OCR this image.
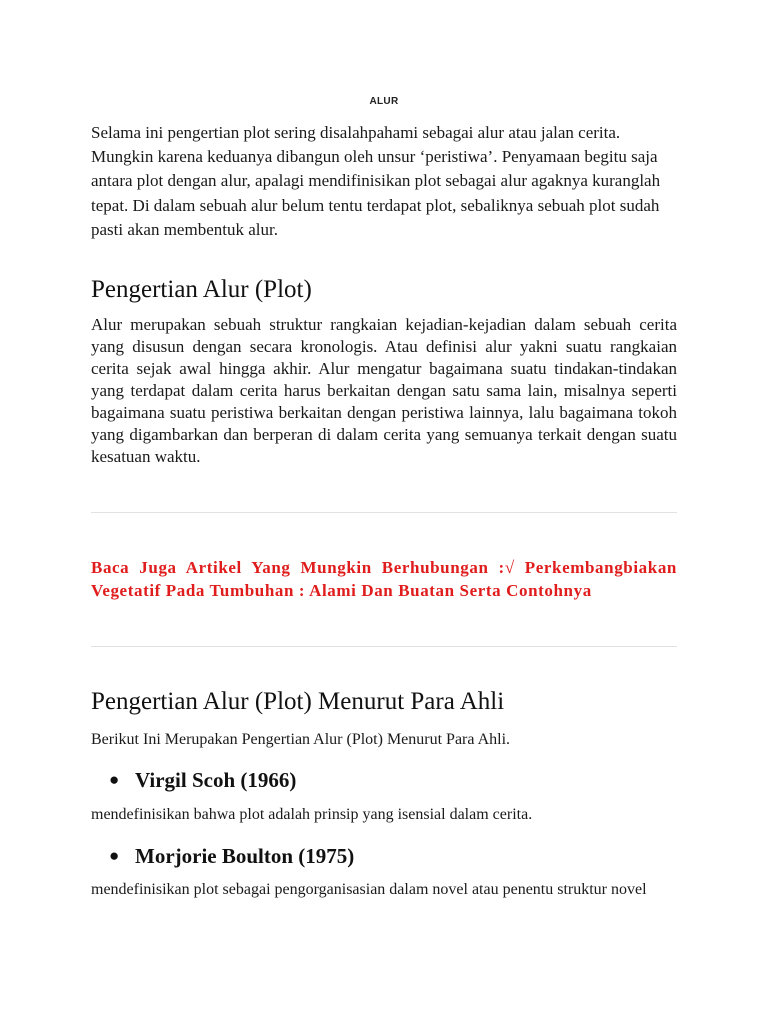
ALUR

Selama ini pengertian plot sering disalahpahami sebagai alur atau jalan cerita. Mungkin karena keduanya dibangun oleh unsur ‘peristiwa’. Penyamaan begitu saja antara plot dengan alur, apalagi mendifinisikan plot sebagai alur agaknya kuranglah tepat. Di dalam sebuah alur belum tentu terdapat plot, sebaliknya sebuah plot sudah pasti akan membentuk alur.

Pengertian Alur (Plot)

Alur merupakan sebuah struktur rangkaian kejadian-kejadian dalam sebuah cerita yang disusun dengan secara kronologis. Atau definisi alur yakni suatu rangkaian cerita sejak awal hingga akhir. Alur mengatur bagaimana suatu tindakan-tindakan yang terdapat dalam cerita harus berkaitan dengan satu sama lain, misalnya seperti bagaimana suatu peristiwa berkaitan dengan peristiwa lainnya, lalu bagaimana tokoh yang digambarkan dan berperan di dalam cerita yang semuanya terkait dengan suatu kesatuan waktu.

Baca Juga Artikel Yang Mungkin Berhubungan :√ Perkembangbiakan Vegetatif Pada Tumbuhan : Alami Dan Buatan Serta Contohnya

Pengertian Alur (Plot) Menurut Para Ahli

Berikut Ini Merupakan Pengertian Alur (Plot) Menurut Para Ahli.

● Virgil Scoh (1966)

mendefinisikan bahwa plot adalah prinsip yang isensial dalam cerita.

● Morjorie Boulton (1975)

mendefinisikan plot sebagai pengorganisasian dalam novel atau penentu struktur novel
